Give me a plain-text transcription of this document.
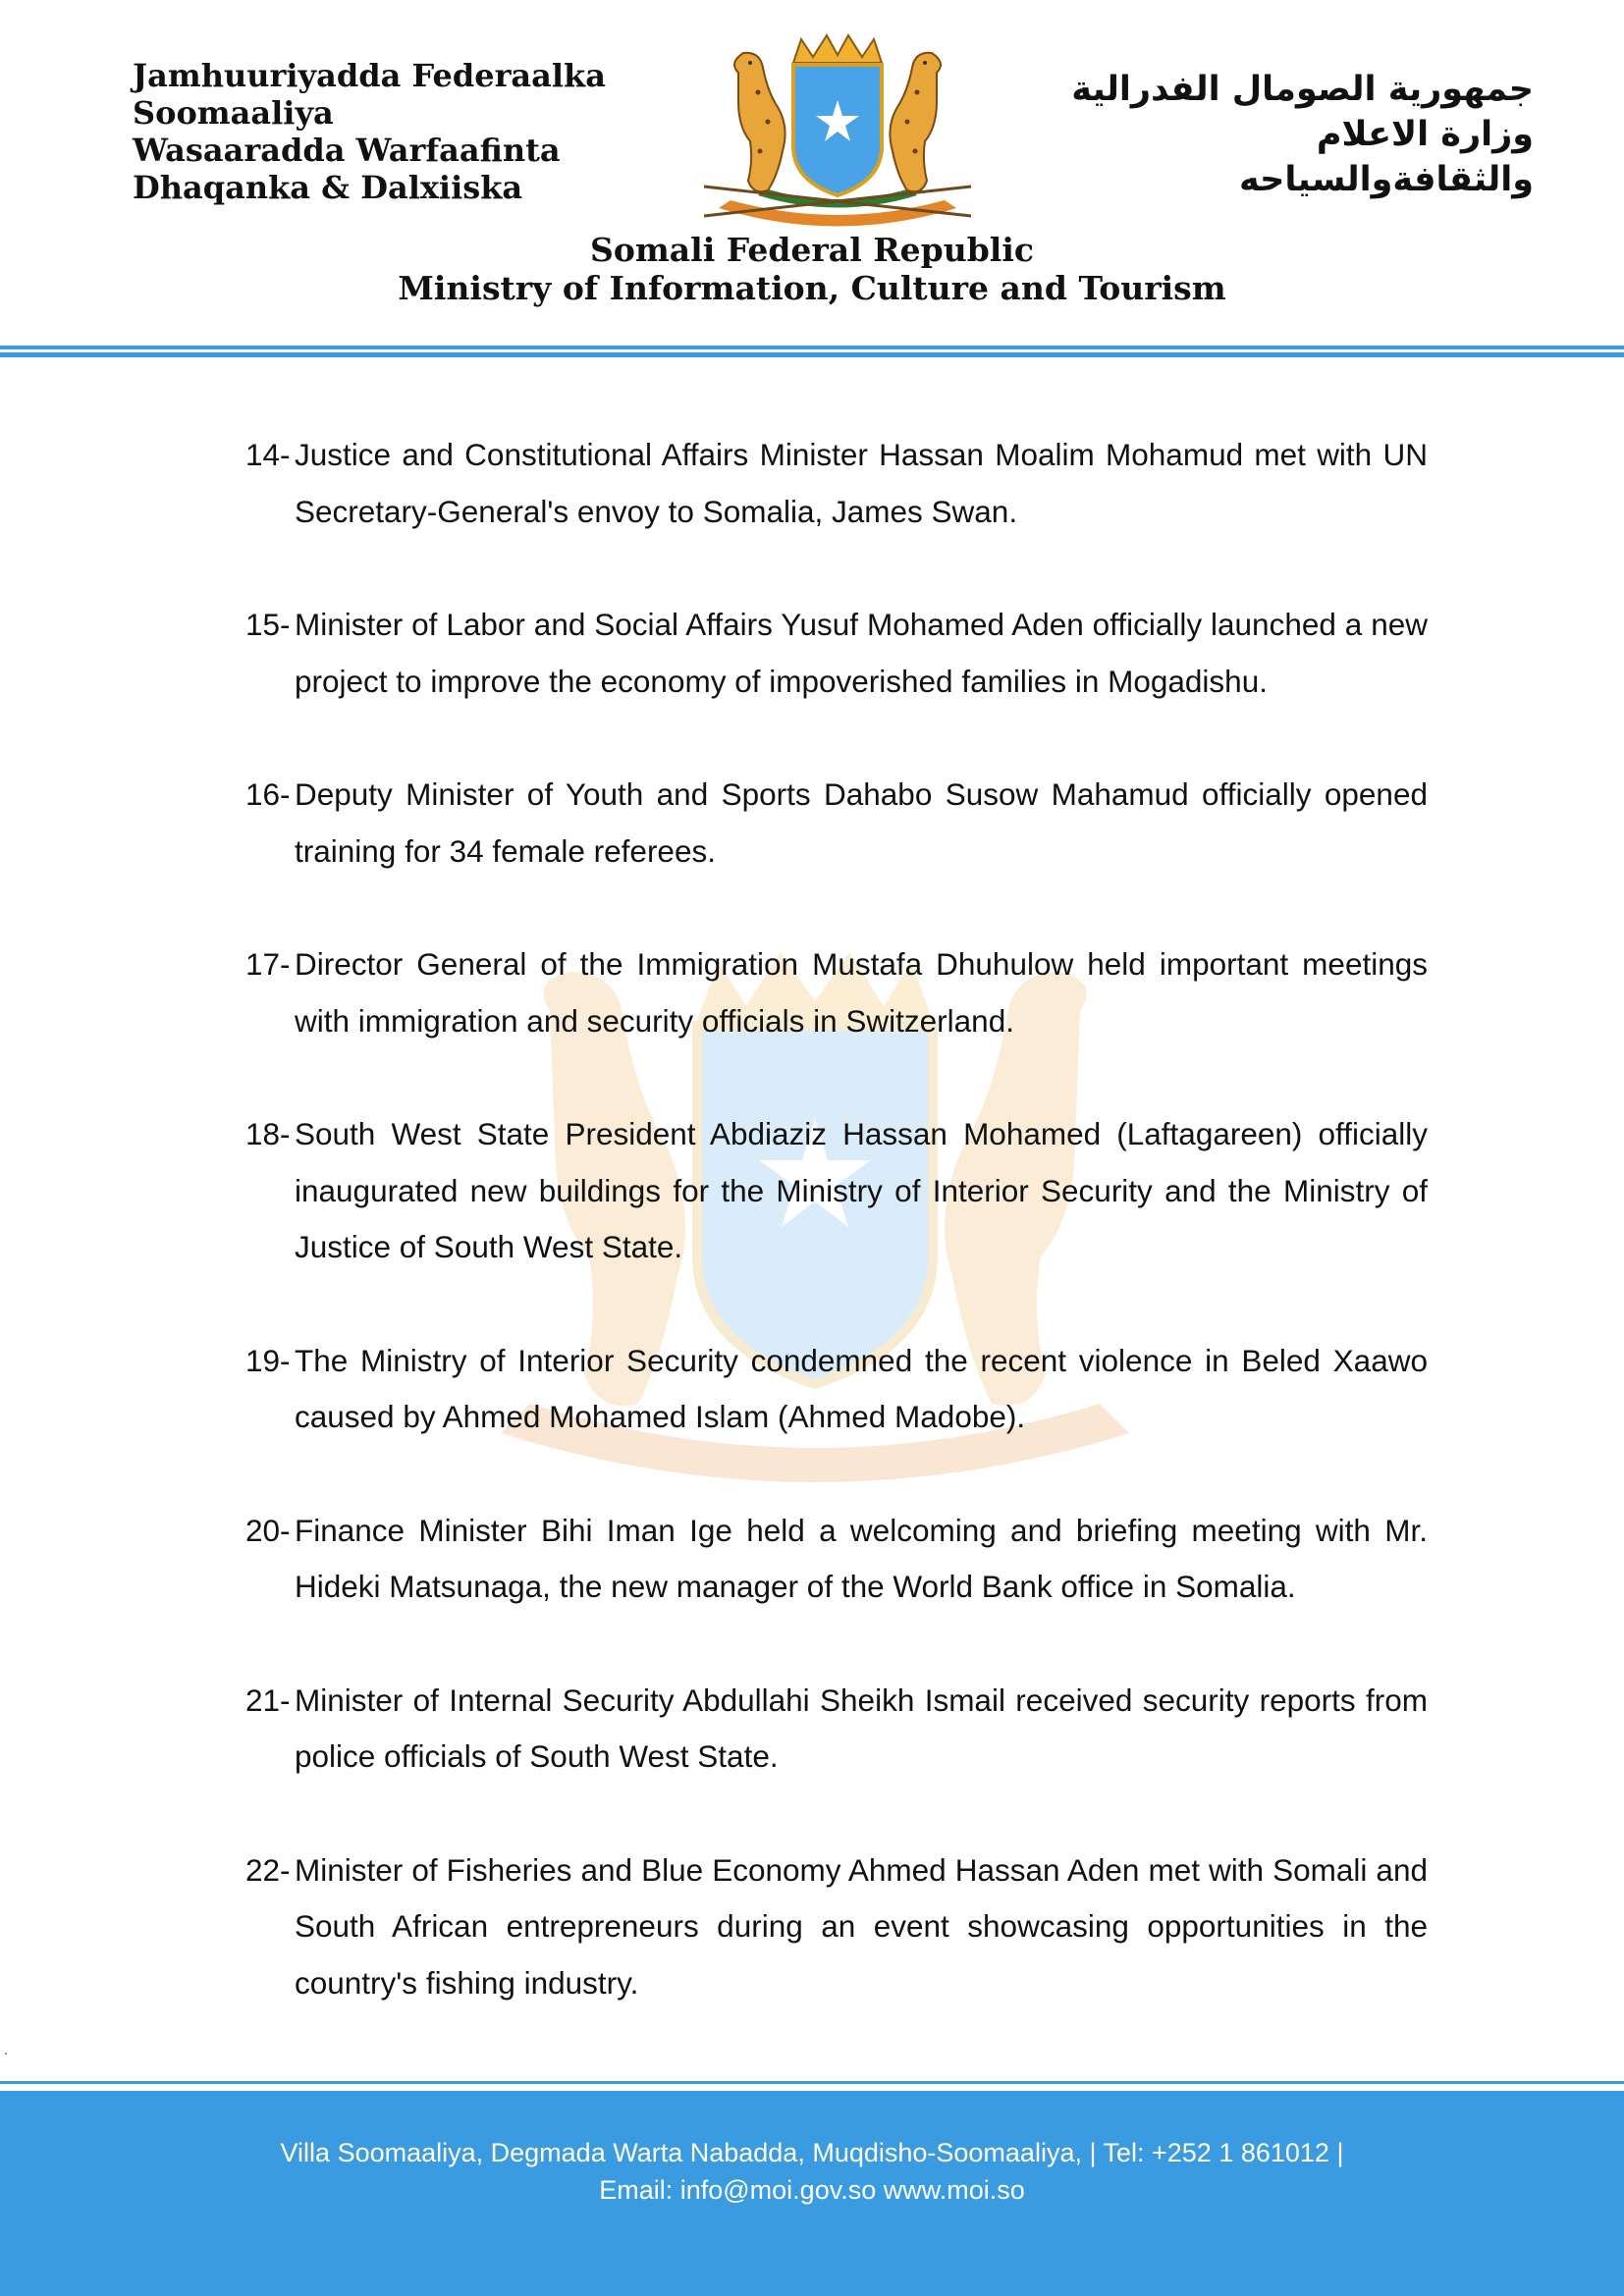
Jamhuuriyadda Federaalka
Soomaaliya
Wasaaradda Warfaafinta
Dhaqanka & Dalxiiska
جمهورية الصومال الفدرالية
وزارة الاعلام
والثقافةوالسياحه
Somali Federal Republic
Ministry of Information, Culture and Tourism
14- Justice and Constitutional Affairs Minister Hassan Moalim Mohamud met with UN Secretary-General's envoy to Somalia, James Swan.
15- Minister of Labor and Social Affairs Yusuf Mohamed Aden officially launched a new project to improve the economy of impoverished families in Mogadishu.
16- Deputy Minister of Youth and Sports Dahabo Susow Mahamud officially opened training for 34 female referees.
17- Director General of the Immigration Mustafa Dhuhulow held important meetings with immigration and security officials in Switzerland.
18- South West State President Abdiaziz Hassan Mohamed (Laftagareen) officially inaugurated new buildings for the Ministry of Interior Security and the Ministry of Justice of South West State.
19- The Ministry of Interior Security condemned the recent violence in Beled Xaawo caused by Ahmed Mohamed Islam (Ahmed Madobe).
20- Finance Minister Bihi Iman Ige held a welcoming and briefing meeting with Mr. Hideki Matsunaga, the new manager of the World Bank office in Somalia.
21- Minister of Internal Security Abdullahi Sheikh Ismail received security reports from police officials of South West State.
22- Minister of Fisheries and Blue Economy Ahmed Hassan Aden met with Somali and South African entrepreneurs during an event showcasing opportunities in the country's fishing industry.
.
Villa Soomaaliya, Degmada Warta Nabadda, Muqdisho-Soomaaliya, | Tel: +252 1 861012 |
Email: info@moi.gov.so www.moi.so
